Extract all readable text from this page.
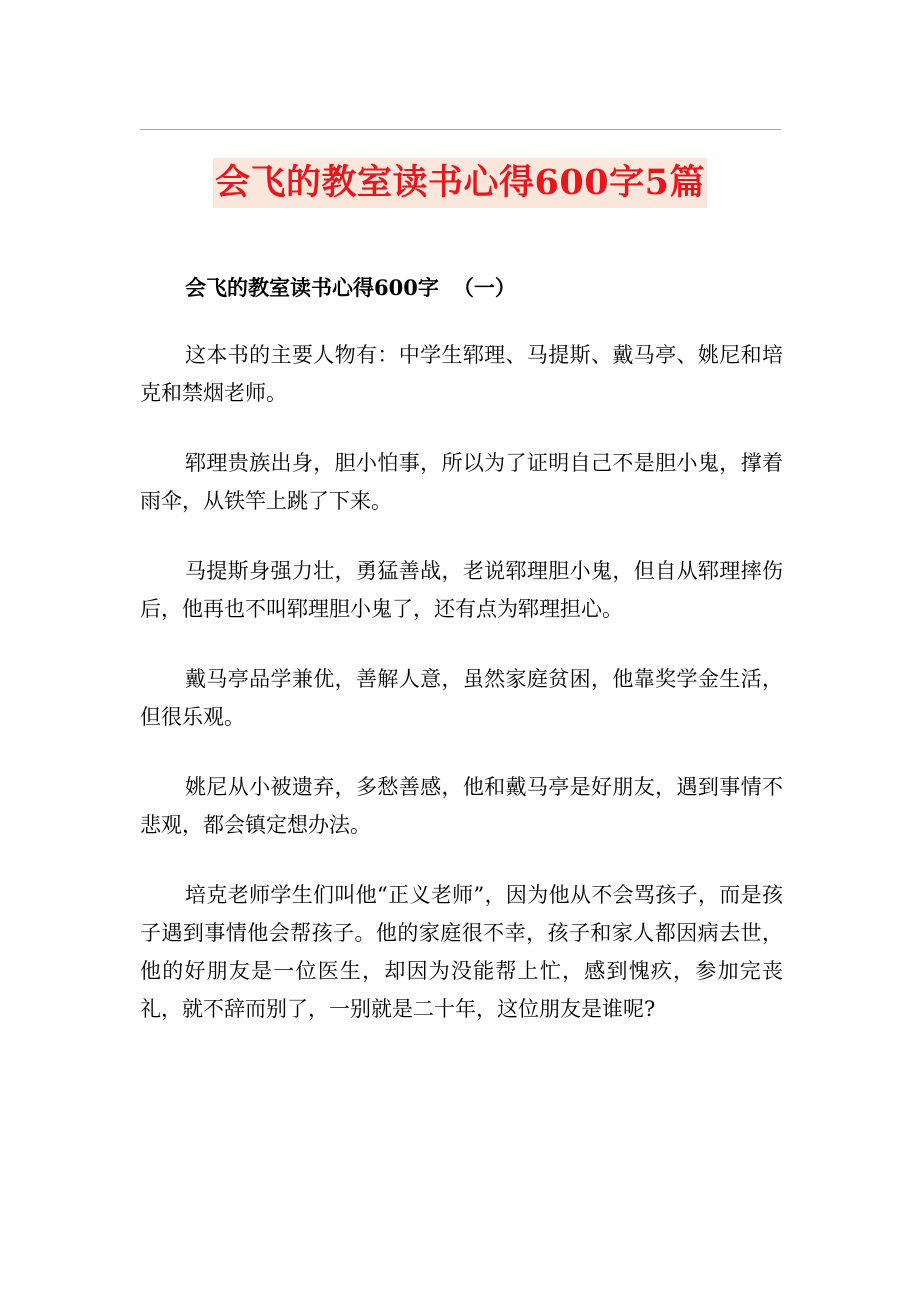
会飞的教室读书心得600字5篇
会飞的教室读书心得600字 （一）

这本书的主要人物有：中学生郓理、马提斯、戴马亭、姚尼和培克和禁烟老师。

郓理贵族出身，胆小怕事，所以为了证明自己不是胆小鬼，撑着雨伞，从铁竿上跳了下来。

马提斯身强力壮，勇猛善战，老说郓理胆小鬼，但自从郓理摔伤后，他再也不叫郓理胆小鬼了，还有点为郓理担心。

戴马亭品学兼优，善解人意，虽然家庭贫困，他靠奖学金生活，但很乐观。

姚尼从小被遗弃，多愁善感，他和戴马亭是好朋友，遇到事情不悲观，都会镇定想办法。

培克老师学生们叫他“正义老师”，因为他从不会骂孩子，而是孩子遇到事情他会帮孩子。他的家庭很不幸，孩子和家人都因病去世，他的好朋友是一位医生，却因为没能帮上忙，感到愧疚，参加完丧礼，就不辞而别了，一别就是二十年，这位朋友是谁呢?
